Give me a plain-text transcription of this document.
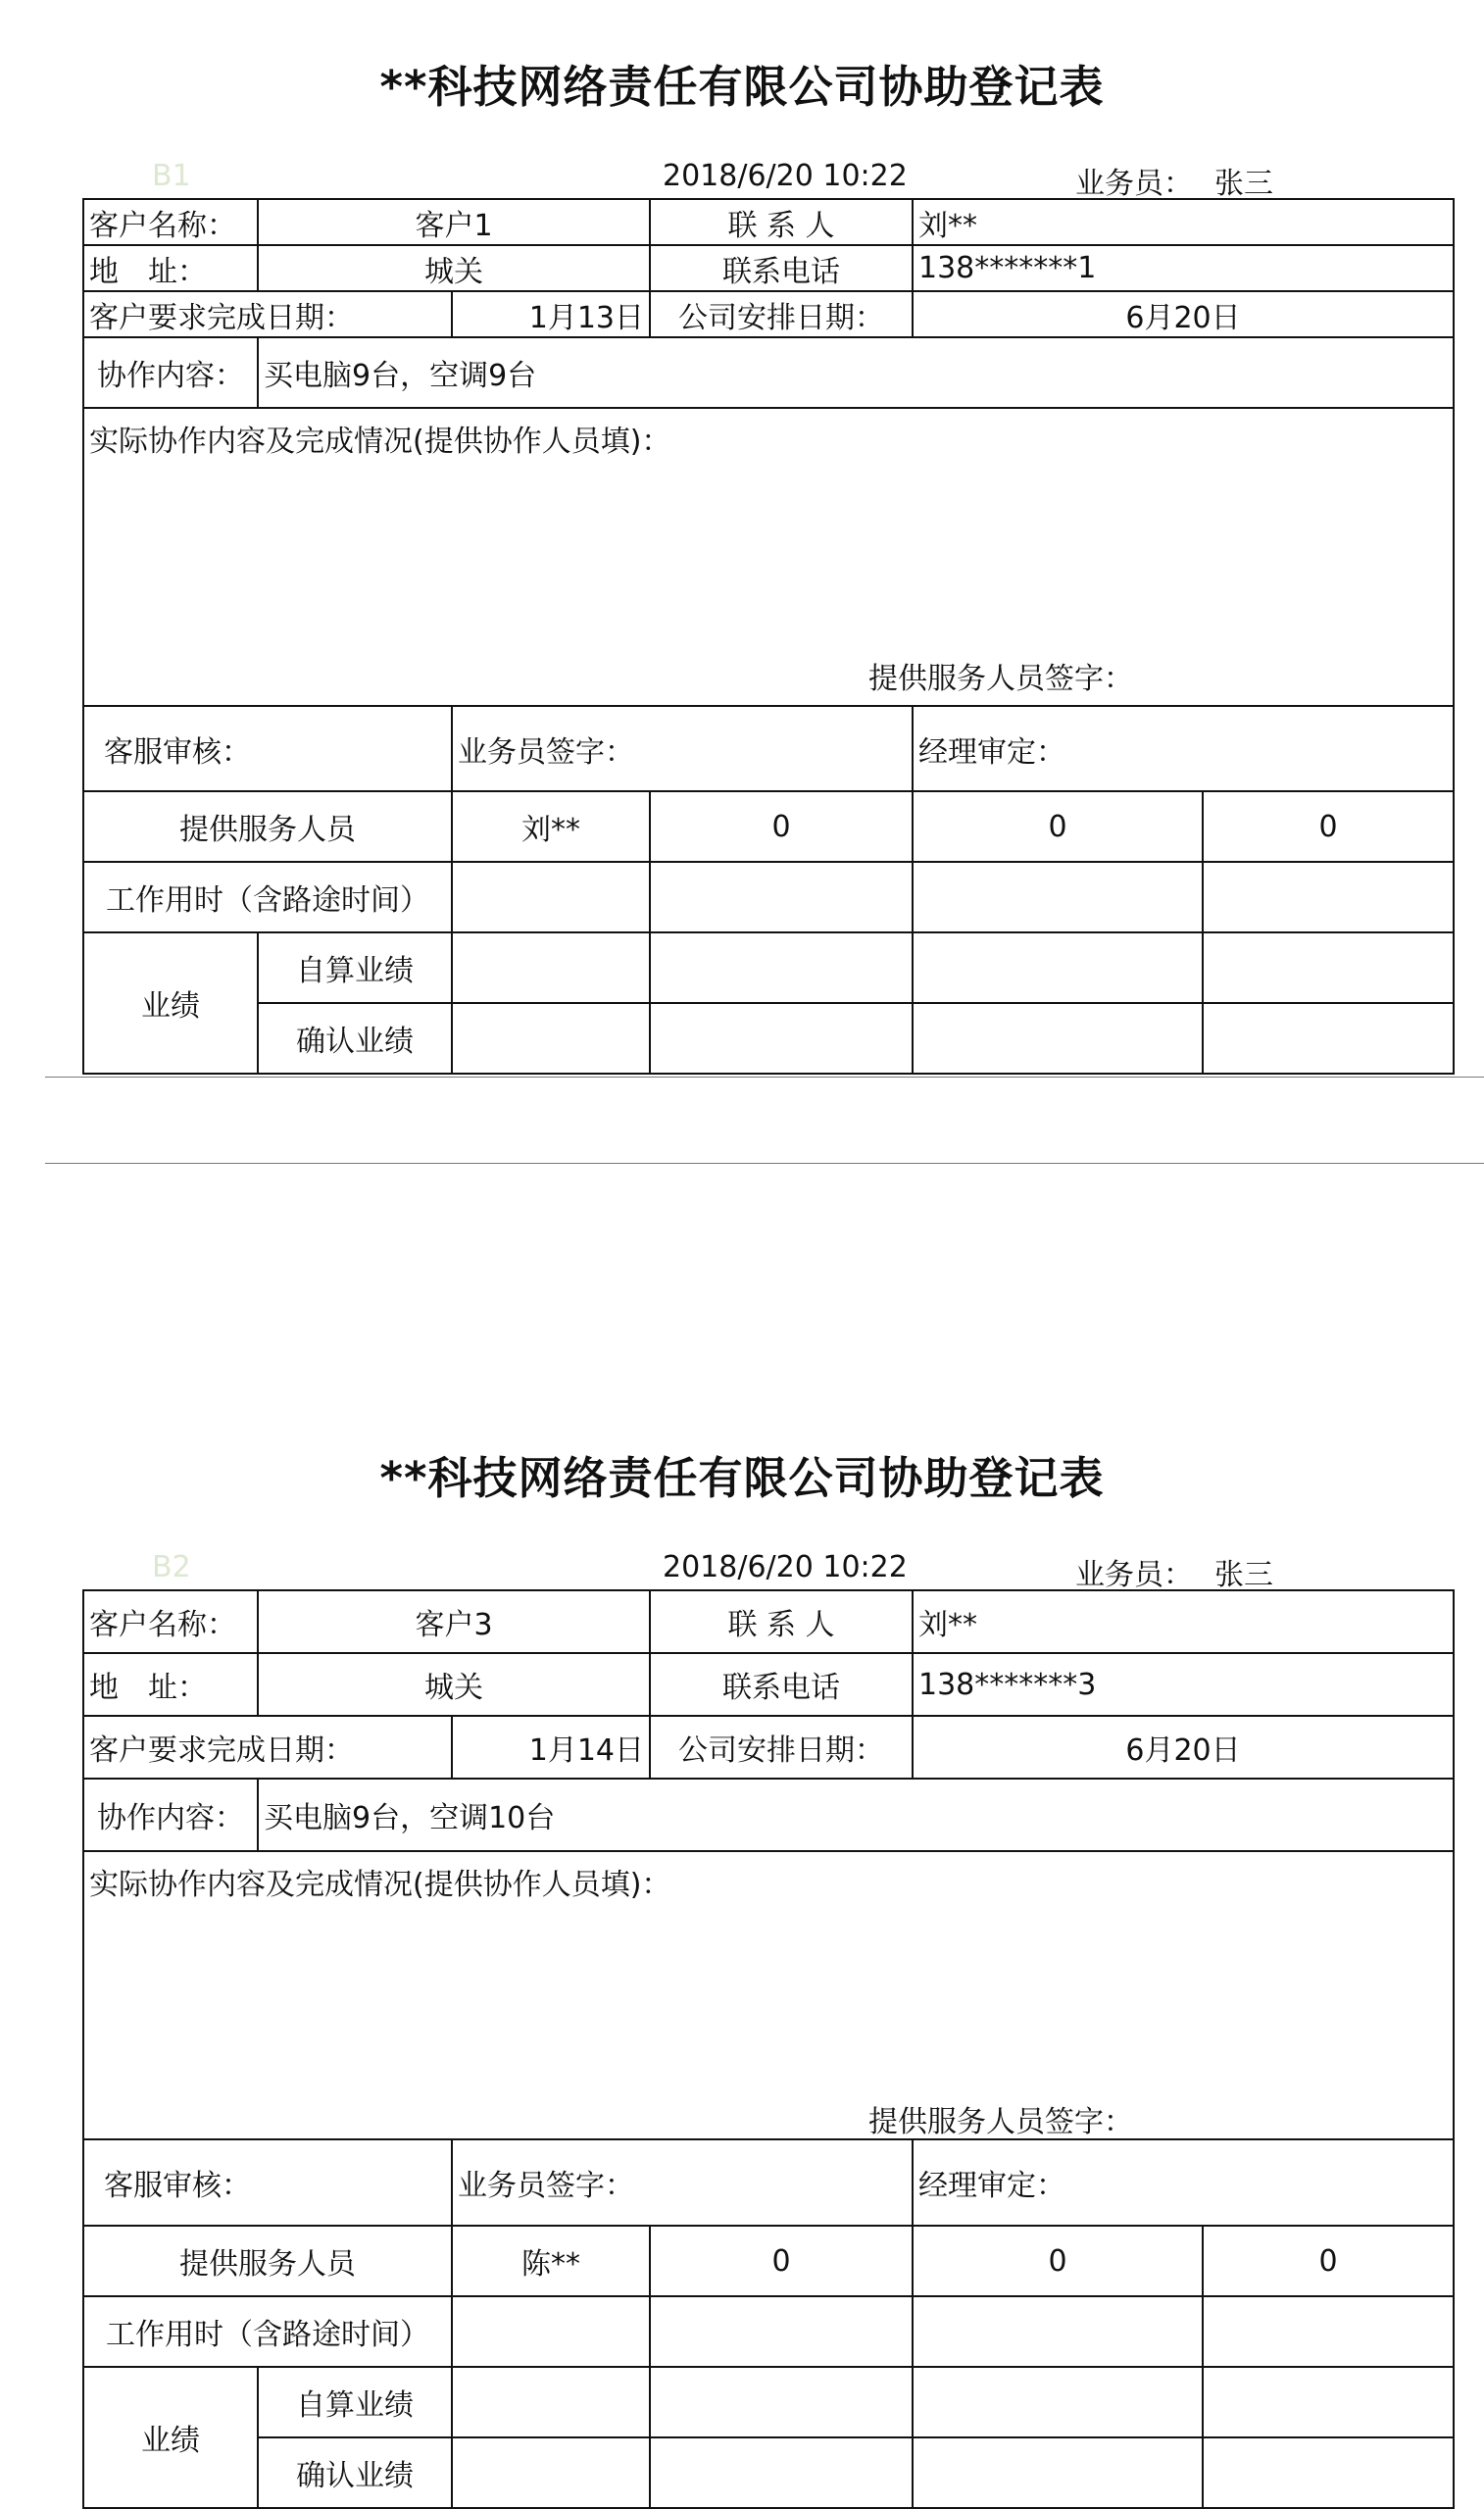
**科技网络责任有限公司协助登记表
B1	2018/6/20 10:22	业务员： 张三
客户名称：	客户1		联 系 人	刘**	
地　址：	城关		联系电话	138*******1	
客户要求完成日期：		1月13日	公司安排日期：	6月20日	
协作内容：	买电脑9台，空调9台				

实际协作内容及完成情况(提供协作人员填)：
提供服务人员签字：					

客服审核：		业务员签字：		经理审定：	
提供服务人员		刘**	0	0	0
工作用时（含路途时间）					
业绩	自算业绩				
	确认业绩				
**科技网络责任有限公司协助登记表
B2	2018/6/20 10:22	业务员： 张三
客户名称：	客户3		联 系 人	刘**	
地　址：	城关		联系电话	138*******3	
客户要求完成日期：		1月14日	公司安排日期：	6月20日	
协作内容：	买电脑9台，空调10台				

实际协作内容及完成情况(提供协作人员填)：
提供服务人员签字：					

客服审核：		业务员签字：		经理审定：	
提供服务人员		陈**	0	0	0
工作用时（含路途时间）					
业绩	自算业绩				
	确认业绩				
